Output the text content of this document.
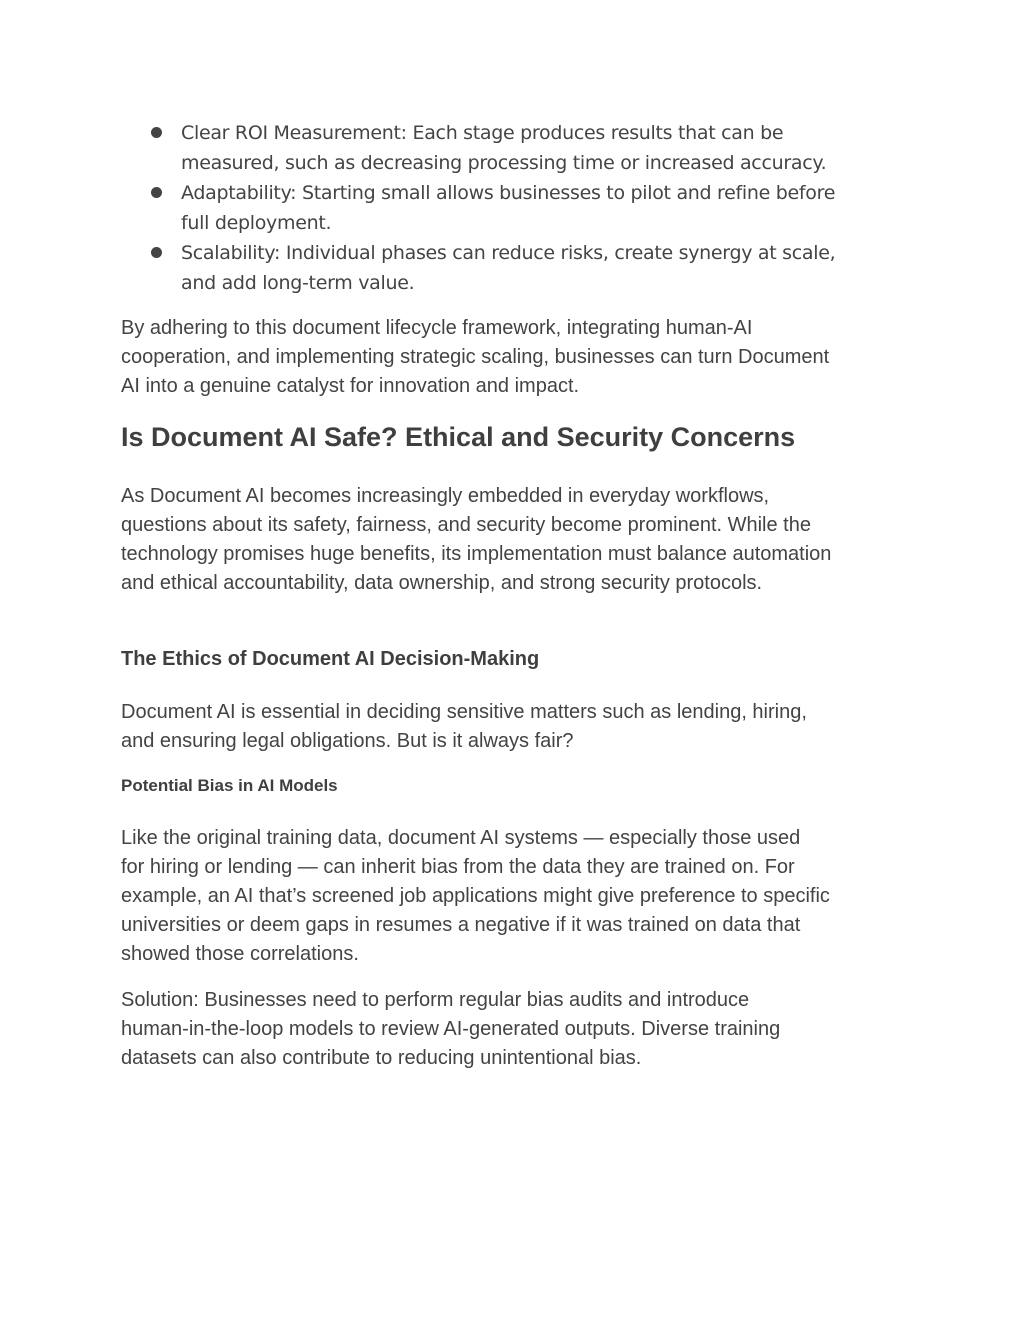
Clear ROI Measurement: Each stage produces results that can be
measured, such as decreasing processing time or increased accuracy.
Adaptability: Starting small allows businesses to pilot and refine before
full deployment.
Scalability: Individual phases can reduce risks, create synergy at scale,
and add long-term value.

By adhering to this document lifecycle framework, integrating human-AI
cooperation, and implementing strategic scaling, businesses can turn Document
AI into a genuine catalyst for innovation and impact.

Is Document AI Safe? Ethical and Security Concerns

As Document AI becomes increasingly embedded in everyday workflows,
questions about its safety, fairness, and security become prominent. While the
technology promises huge benefits, its implementation must balance automation
and ethical accountability, data ownership, and strong security protocols.

The Ethics of Document AI Decision-Making

Document AI is essential in deciding sensitive matters such as lending, hiring,
and ensuring legal obligations. But is it always fair?

Potential Bias in AI Models

Like the original training data, document AI systems — especially those used
for hiring or lending — can inherit bias from the data they are trained on. For
example, an AI that’s screened job applications might give preference to specific
universities or deem gaps in resumes a negative if it was trained on data that
showed those correlations.

Solution: Businesses need to perform regular bias audits and introduce
human-in-the-loop models to review AI-generated outputs. Diverse training
datasets can also contribute to reducing unintentional bias.
